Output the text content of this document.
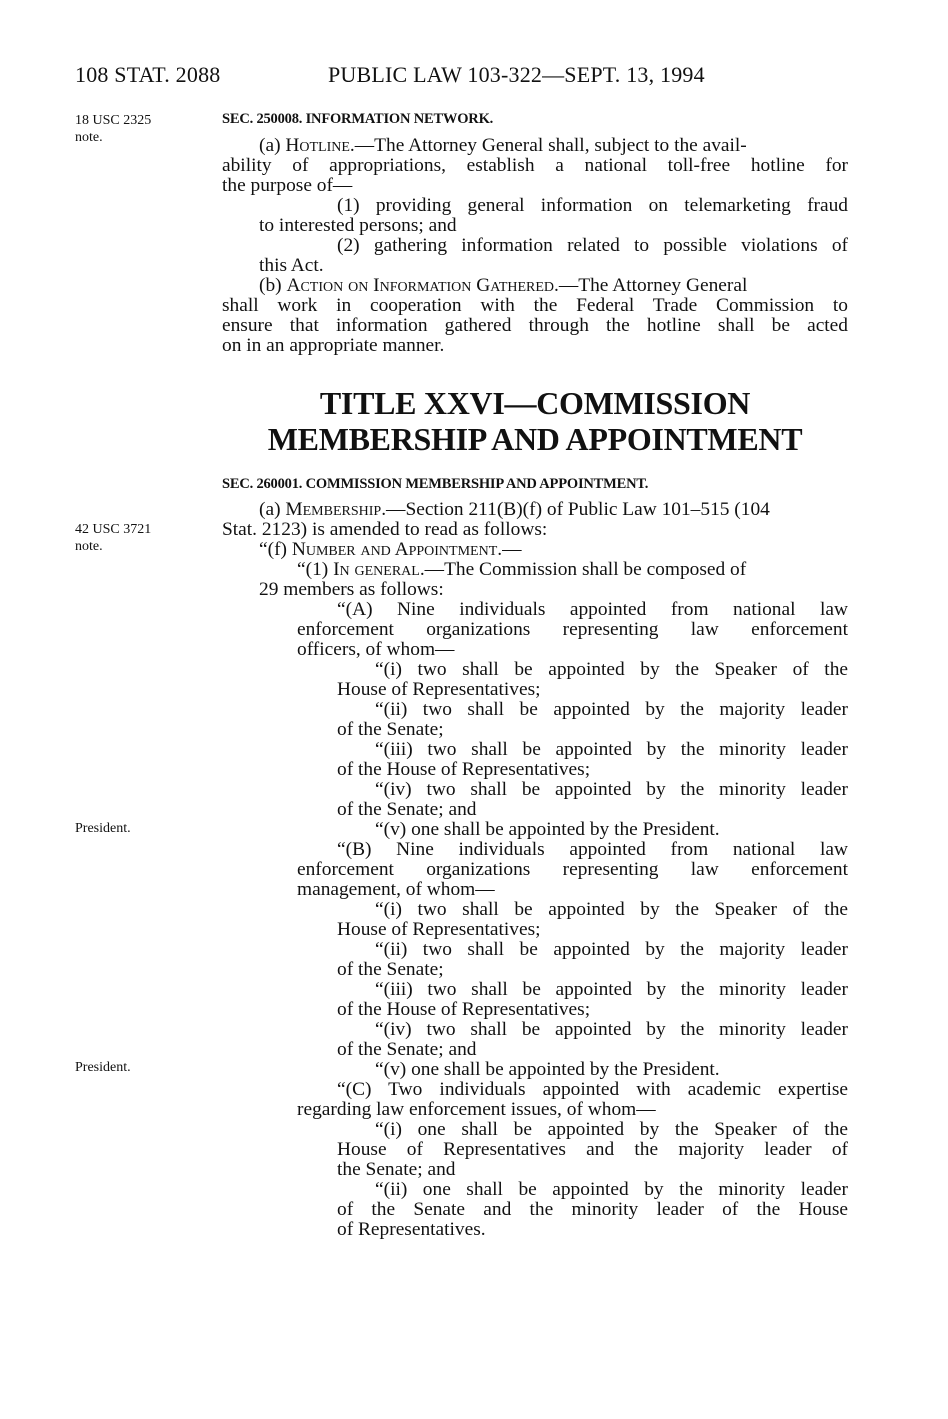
108 STAT. 2088	PUBLIC LAW 103-322—SEPT. 13, 1994
18 USC 2325
note.
42 USC 3721
note.
President.
President.
SEC. 250008. INFORMATION NETWORK.
(a) Hotline.—The Attorney General shall, subject to the avail-
ability of appropriations, establish a national toll-free hotline for
the purpose of—
(1) providing general information on telemarketing fraud
to interested persons; and
(2) gathering information related to possible violations of
this Act.
(b) Action on Information Gathered.—The Attorney General
shall work in cooperation with the Federal Trade Commission to
ensure that information gathered through the hotline shall be acted
on in an appropriate manner.
TITLE XXVI—COMMISSION
MEMBERSHIP AND APPOINTMENT
SEC. 260001. COMMISSION MEMBERSHIP AND APPOINTMENT.
(a) Membership.—Section 211(B)(f) of Public Law 101–515 (104
Stat. 2123) is amended to read as follows:
“(f) Number and Appointment.—
“(1) In general.—The Commission shall be composed of
29 members as follows:
“(A) Nine individuals appointed from national law
enforcement organizations representing law enforcement
officers, of whom—
“(i) two shall be appointed by the Speaker of the
House of Representatives;
“(ii) two shall be appointed by the majority leader
of the Senate;
“(iii) two shall be appointed by the minority leader
of the House of Representatives;
“(iv) two shall be appointed by the minority leader
of the Senate; and
“(v) one shall be appointed by the President.
“(B) Nine individuals appointed from national law
enforcement organizations representing law enforcement
management, of whom—
“(i) two shall be appointed by the Speaker of the
House of Representatives;
“(ii) two shall be appointed by the majority leader
of the Senate;
“(iii) two shall be appointed by the minority leader
of the House of Representatives;
“(iv) two shall be appointed by the minority leader
of the Senate; and
“(v) one shall be appointed by the President.
“(C) Two individuals appointed with academic expertise
regarding law enforcement issues, of whom—
“(i) one shall be appointed by the Speaker of the
House of Representatives and the majority leader of
the Senate; and
“(ii) one shall be appointed by the minority leader
of the Senate and the minority leader of the House
of Representatives.
